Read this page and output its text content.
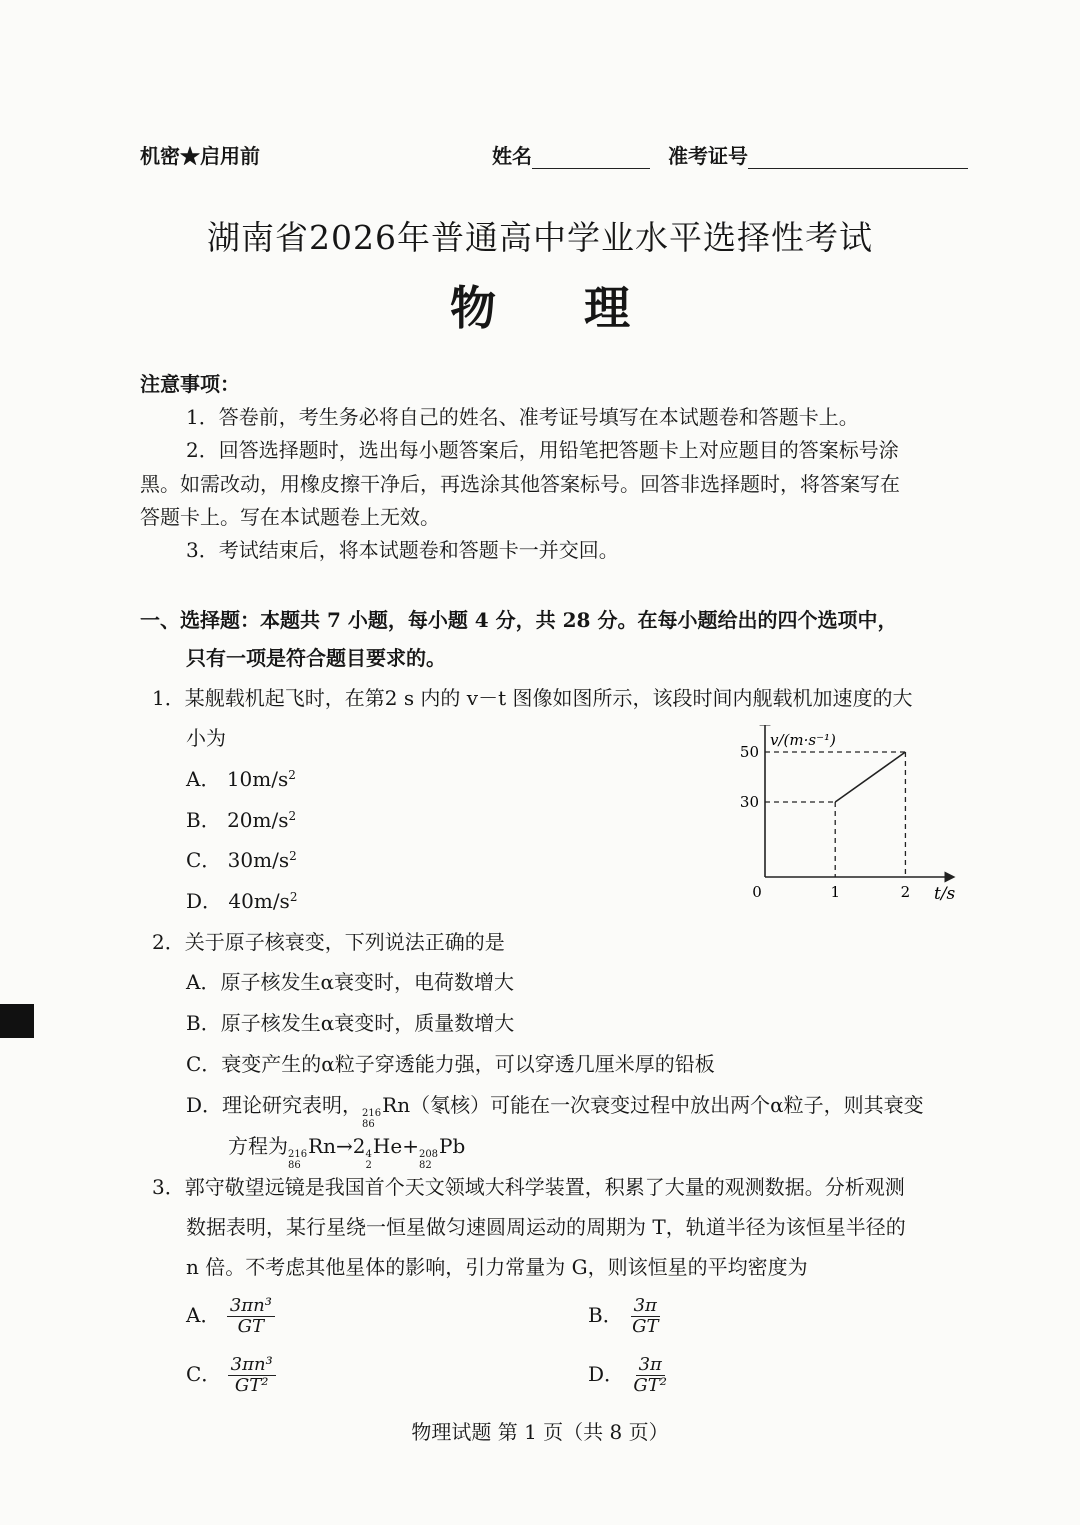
机密★启用前	姓名	准考证号
湖南省2026年普通高中学业水平选择性考试
物 理
注意事项：
1．答卷前，考生务必将自己的姓名、准考证号填写在本试题卷和答题卡上。
2．回答选择题时，选出每小题答案后，用铅笔把答题卡上对应题目的答案标号涂
黑。如需改动，用橡皮擦干净后，再选涂其他答案标号。回答非选择题时，将答案写在
答题卡上。写在本试题卷上无效。
3．考试结束后，将本试题卷和答题卡一并交回。
一、选择题：本题共 7 小题，每小题 4 分，共 28 分。在每小题给出的四个选项中，
只有一项是符合题目要求的。
1．某舰载机起飞时，在第2 s 内的 v－t 图像如图所示，该段时间内舰载机加速度的大
小为
A． $10m/s^2$
B． $20m/s^2$
C． $30m/s^2$
D． $40m/s^2$
30
50
0	1	2
v/(m·s⁻¹)
t/s
2．关于原子核衰变，下列说法正确的是
A．原子核发生α衰变时，电荷数增大
B．原子核发生α衰变时，质量数增大
C．衰变产生的α粒子穿透能力强，可以穿透几厘米厚的铅板
D．理论研究表明， 216
86
Rn（氡核）可能在一次衰变过程中放出两个α粒子，则其衰变
方程为 216
86
Rn→2 4
2
He+ 208
82
Pb
3．郭守敬望远镜是我国首个天文领域大科学装置，积累了大量的观测数据。分析观测
数据表明，某行星绕一恒星做匀速圆周运动的周期为 T，轨道半径为该恒星半径的
n 倍。不考虑其他星体的影响，引力常量为 G，则该恒星的平均密度为
A． $\frac{\text{3πn³}}{GT}$	B． $\frac{3\pi}{GT}$
C． $\frac{\text{3πn³}}{\text{GT²}}$	D． $\frac{3\pi}{\text{GT²}}$
物理试题 第 1 页（共 8 页）
